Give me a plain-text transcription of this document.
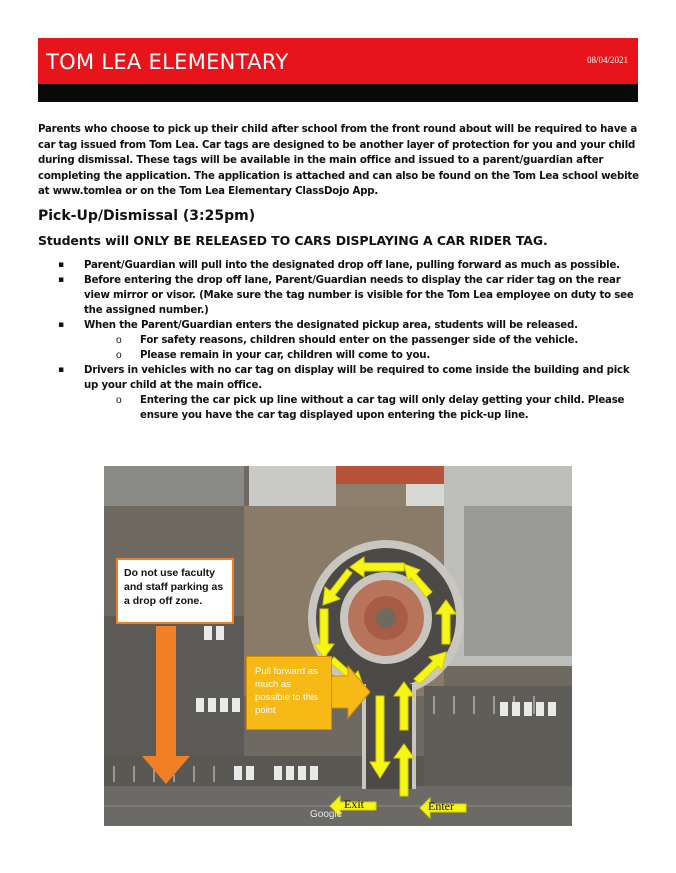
TOM LEA ELEMENTARY	08/04/2021

Parents who choose to pick up their child after school from the front round about will be required to have a car tag issued from Tom Lea. Car tags are designed to be another layer of protection for you and your child during dismissal. These tags will be available in the main office and issued to a parent/guardian after completing the application. The application is attached and can also be found on the Tom Lea school webite at www.tomlea or on the Tom Lea Elementary ClassDojo App.

Pick-Up/Dismissal (3:25pm)
Students will ONLY BE RELEASED TO CARS DISPLAYING A CAR RIDER TAG.
▪ Parent/Guardian will pull into the designated drop off lane, pulling forward as much as possible.
▪ Before entering the drop off lane, Parent/Guardian needs to display the car rider tag on the rear view mirror or visor. (Make sure the tag number is visible for the Tom Lea employee on duty to see the assigned number.)
▪ When the Parent/Guardian enters the designated pickup area, students will be released.
o For safety reasons, children should enter on the passenger side of the vehicle.
o Please remain in your car, children will come to you.
▪ Drivers in vehicles with no car tag on display will be required to come inside the building and pick up your child at the main office.
o Entering the car pick up line without a car tag will only delay getting your child. Please ensure you have the car tag displayed upon entering the pick-up line.
Do not use faculty and staff parking as a drop off zone.
Pull forward as much as possible to this point
Exit	Enter
Google
